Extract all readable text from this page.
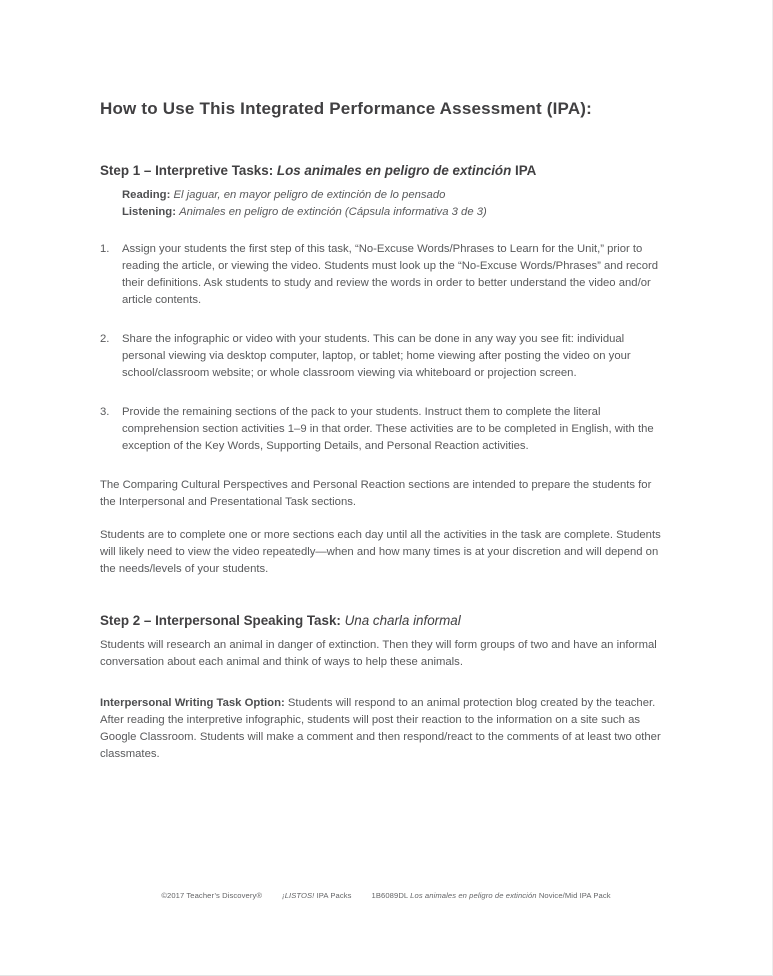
How to Use This Integrated Performance Assessment (IPA):
Step 1 – Interpretive Tasks: Los animales en peligro de extinción IPA
Reading: El jaguar, en mayor peligro de extinción de lo pensado
Listening: Animales en peligro de extinción (Cápsula informativa 3 de 3)
1.	Assign your students the first step of this task, “No-Excuse Words/Phrases to Learn for the Unit,” prior to reading the article, or viewing the video. Students must look up the “No-Excuse Words/Phrases” and record their definitions. Ask students to study and review the words in order to better understand the video and/or article contents.
2.	Share the infographic or video with your students. This can be done in any way you see fit: individual personal viewing via desktop computer, laptop, or tablet; home viewing after posting the video on your school/classroom website; or whole classroom viewing via whiteboard or projection screen.
3.	Provide the remaining sections of the pack to your students. Instruct them to complete the literal comprehension section activities 1–9 in that order. These activities are to be completed in English, with the exception of the Key Words, Supporting Details, and Personal Reaction activities.

The Comparing Cultural Perspectives and Personal Reaction sections are intended to prepare the students for the Interpersonal and Presentational Task sections.

Students are to complete one or more sections each day until all the activities in the task are complete. Students will likely need to view the video repeatedly—when and how many times is at your discretion and will depend on the needs/levels of your students.

Step 2 – Interpersonal Speaking Task: Una charla informal

Students will research an animal in danger of extinction. Then they will form groups of two and have an informal conversation about each animal and think of ways to help these animals.

Interpersonal Writing Task Option: Students will respond to an animal protection blog created by the teacher. After reading the interpretive infographic, students will post their reaction to the information on a site such as Google Classroom. Students will make a comment and then respond/react to the comments of at least two other classmates.

©2017 Teacher’s Discovery®	¡LISTOS! IPA Packs	1B6089DL Los animales en peligro de extinción Novice/Mid IPA Pack
